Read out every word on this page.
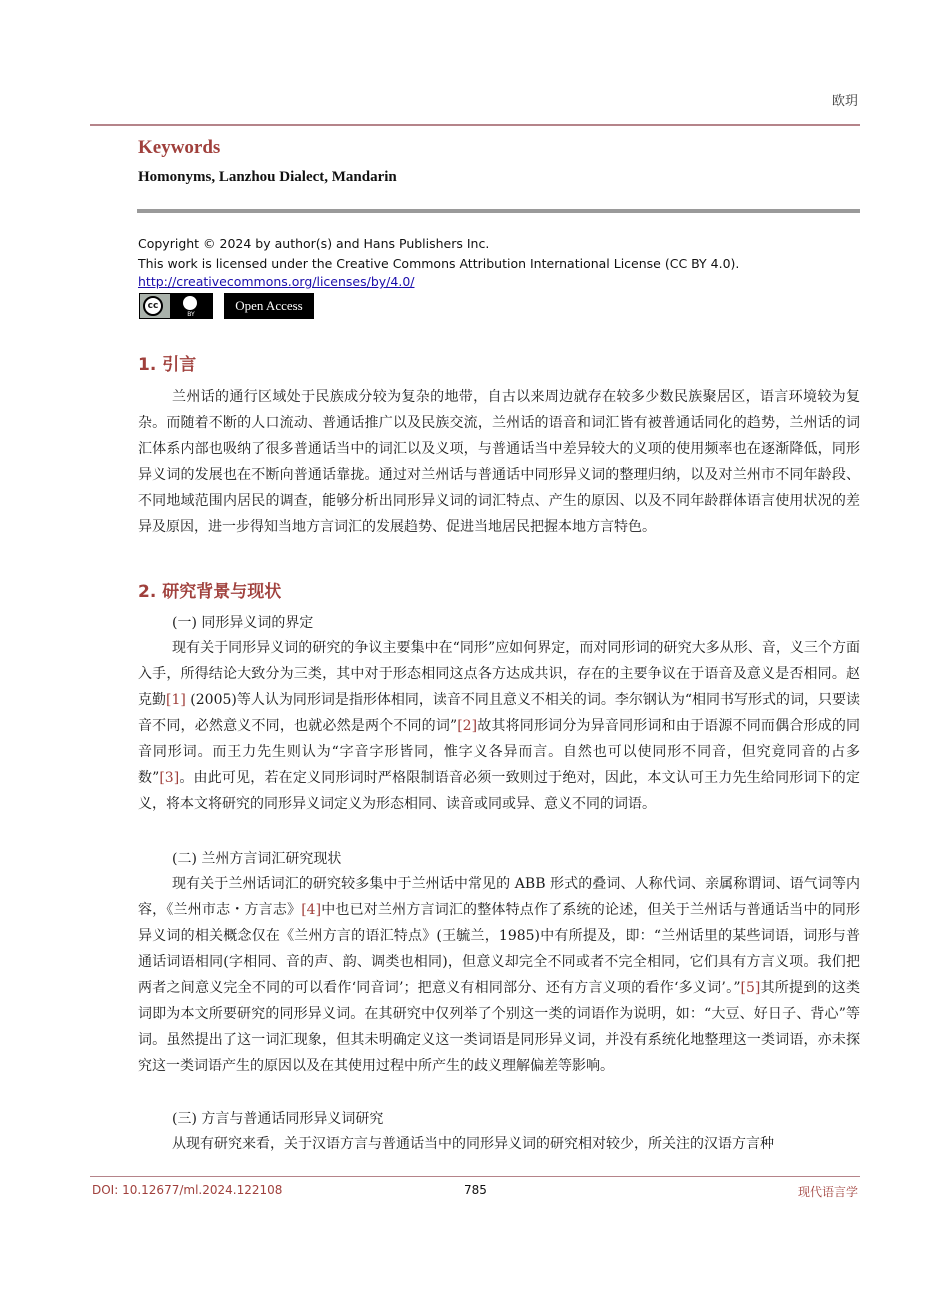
欧玥
Keywords
Homonyms, Lanzhou Dialect, Mandarin
Copyright © 2024 by author(s) and Hans Publishers Inc.
This work is licensed under the Creative Commons Attribution International License (CC BY 4.0).
http://creativecommons.org/licenses/by/4.0/
cc
BY
Open Access
1. 引言

兰州话的通行区域处于民族成分较为复杂的地带，自古以来周边就存在较多少数民族聚居区，语言环境较为复杂。而随着不断的人口流动、普通话推广以及民族交流，兰州话的语音和词汇皆有被普通话同化的趋势，兰州话的词汇体系内部也吸纳了很多普通话当中的词汇以及义项，与普通话当中差异较大的义项的使用频率也在逐渐降低，同形异义词的发展也在不断向普通话靠拢。通过对兰州话与普通话中同形异义词的整理归纳，以及对兰州市不同年龄段、不同地域范围内居民的调查，能够分析出同形异义词的词汇特点、产生的原因、以及不同年龄群体语言使用状况的差异及原因，进一步得知当地方言词汇的发展趋势、促进当地居民把握本地方言特色。

2. 研究背景与现状
(一) 同形异义词的界定

现有关于同形异义词的研究的争议主要集中在“同形”应如何界定，而对同形词的研究大多从形、音，义三个方面入手，所得结论大致分为三类，其中对于形态相同这点各方达成共识，存在的主要争议在于语音及意义是否相同。赵克勤[1] (2005)等人认为同形词是指形体相同，读音不同且意义不相关的词。李尔钢认为“相同书写形式的词，只要读音不同，必然意义不同，也就必然是两个不同的词”[2]故其将同形词分为异音同形词和由于语源不同而偶合形成的同音同形词。而王力先生则认为“字音字形皆同，惟字义各异而言。自然也可以使同形不同音，但究竟同音的占多数”[3]。由此可见，若在定义同形词时严格限制语音必须一致则过于绝对，因此，本文认可王力先生给同形词下的定义，将本文将研究的同形异义词定义为形态相同、读音或同或异、意义不同的词语。

(二) 兰州方言词汇研究现状

现有关于兰州话词汇的研究较多集中于兰州话中常见的 ABB 形式的叠词、人称代词、亲属称谓词、语气词等内容，《兰州市志・方言志》[4]中也已对兰州方言词汇的整体特点作了系统的论述，但关于兰州话与普通话当中的同形异义词的相关概念仅在《兰州方言的语汇特点》(王毓兰，1985)中有所提及，即：“兰州话里的某些词语，词形与普通话词语相同(字相同、音的声、韵、调类也相同)，但意义却完全不同或者不完全相同，它们具有方言义项。我们把两者之间意义完全不同的可以看作‘同音词’；把意义有相同部分、还有方言义项的看作‘多义词’。”[5]其所提到的这类词即为本文所要研究的同形异义词。在其研究中仅列举了个别这一类的词语作为说明，如：“大豆、好日子、背心”等词。虽然提出了这一词汇现象，但其未明确定义这一类词语是同形异义词，并没有系统化地整理这一类词语，亦未探究这一类词语产生的原因以及在其使用过程中所产生的歧义理解偏差等影响。

(三) 方言与普通话同形异义词研究

从现有研究来看，关于汉语方言与普通话当中的同形异义词的研究相对较少，所关注的汉语方言种

DOI: 10.12677/ml.2024.122108	785	现代语言学
